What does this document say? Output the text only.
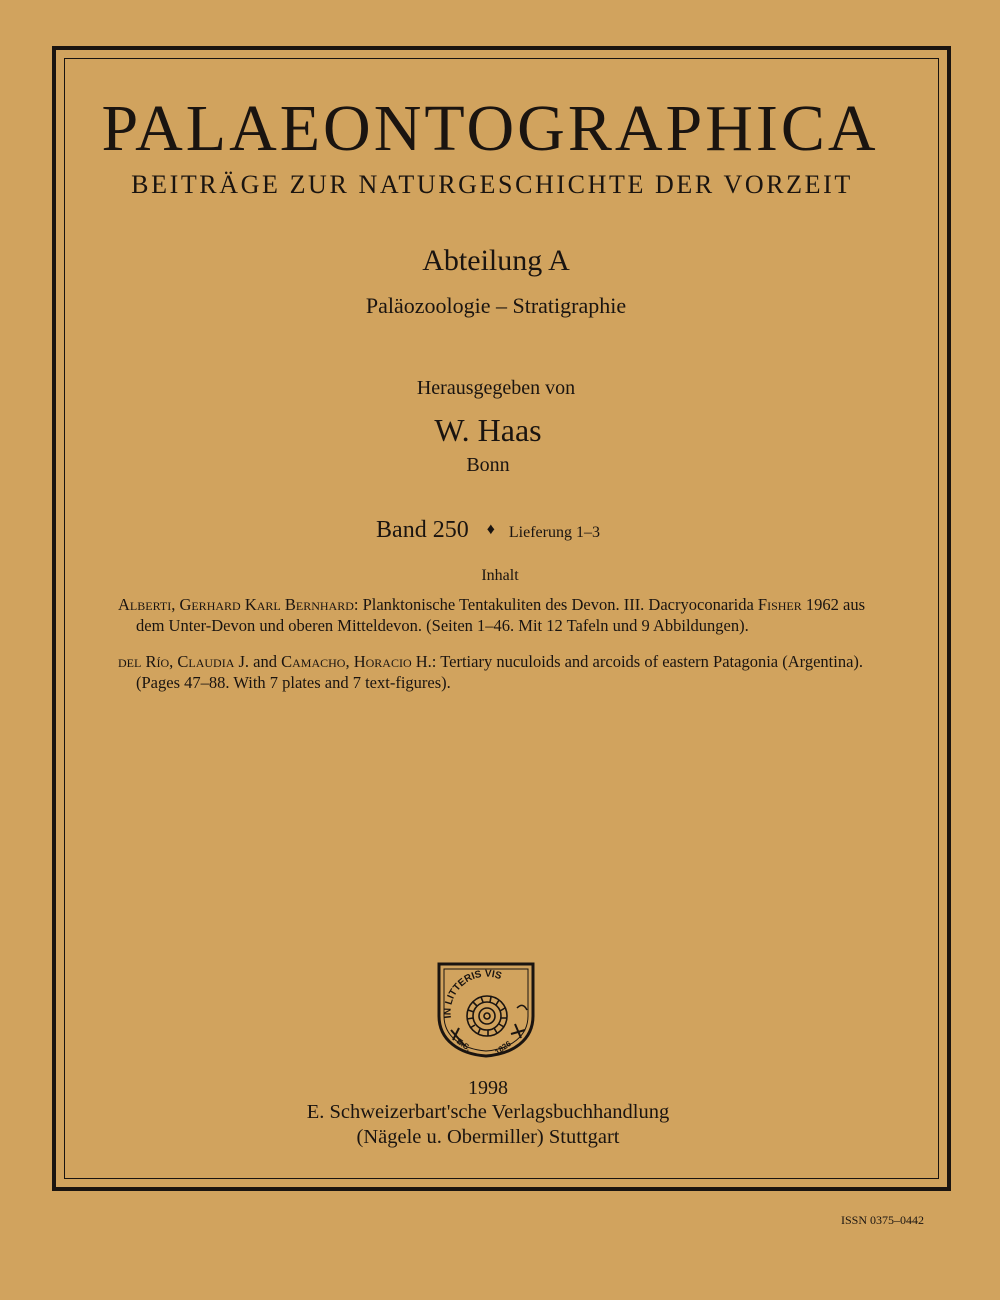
PALAEONTOGRAPHICA
BEITRÄGE ZUR NATURGESCHICHTE DER VORZEIT
Abteilung A
Paläozoologie – Stratigraphie
Herausgegeben von
W. Haas
Bonn
Band 250 ♦ Lieferung 1–3
Inhalt
Alberti, Gerhard Karl Bernhard: Planktonische Tentakuliten des Devon. III. Dacryoconarida Fisher 1962 aus
dem Unter-Devon und oberen Mitteldevon. (Seiten 1–46. Mit 12 Tafeln und 9 Abbildungen).
del Río, Claudia J. and Camacho, Horacio H.: Tertiary nuculoids and arcoids of eastern Patagonia (Argentina).
(Pages 47–88. With 7 plates and 7 text-figures).
IN LITTERIS VIS
E.S.	1826
1998
E. Schweizerbart'sche Verlagsbuchhandlung
(Nägele u. Obermiller) Stuttgart
ISSN 0375–0442
